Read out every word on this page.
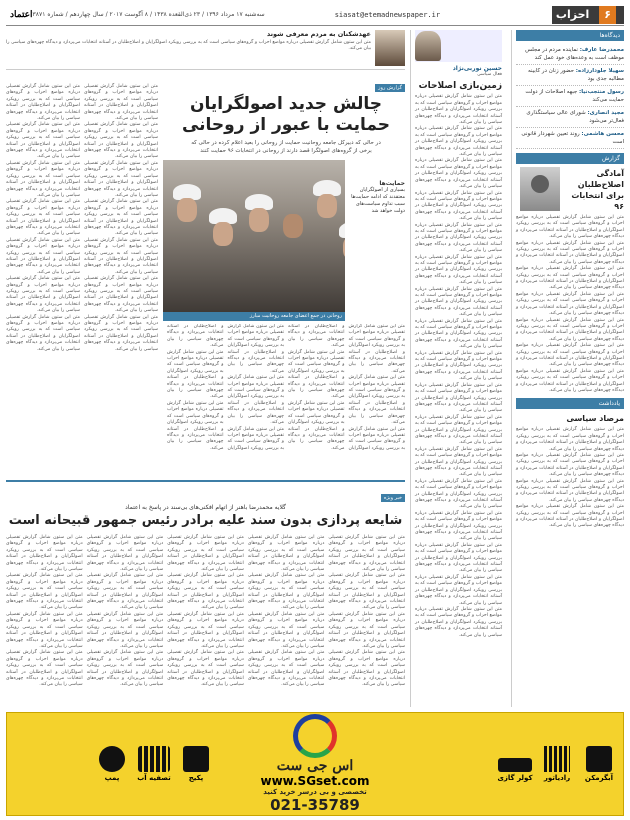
۶
احزاب
siasat@etemadnewspaper.ir
سه‌شنبه ۱۷ مرداد ۱۳۹۶ / ۲۳ ذی‌القعده ۱۴۳۸ / ۸ آگوست ۲۰۱۷ / سال چهاردهم / شماره ۳۸۷۱
اعتماد
دیدگاه‌ها
محمدرضا عارف: نماینده مردم در مجلس موظف است به وعده‌های خود عمل کند
سهیلا جلودارزاده: حضور زنان در کابینه مطالبه جدی بود
رسول منتجب‌نیا: جبهه اصلاحات از دولت حمایت می‌کند
مجید انصاری: شورای عالی سیاستگذاری فعال‌تر می‌شود
محسن هاشمی: روند تعیین شهردار قانونی است
گزارش
آمادگی اصلاح‌طلبان برای انتخابات ۹۶
متن این ستون شامل گزارش تفصیلی درباره مواضع احزاب و گروه‌های سیاسی است که به بررسی رویکرد اصولگرایان و اصلاح‌طلبان در آستانه انتخابات می‌پردازد و دیدگاه چهره‌های سیاسی را بیان می‌کند.
متن این ستون شامل گزارش تفصیلی درباره مواضع احزاب و گروه‌های سیاسی است که به بررسی رویکرد اصولگرایان و اصلاح‌طلبان در آستانه انتخابات می‌پردازد و دیدگاه چهره‌های سیاسی را بیان می‌کند.
متن این ستون شامل گزارش تفصیلی درباره مواضع احزاب و گروه‌های سیاسی است که به بررسی رویکرد اصولگرایان و اصلاح‌طلبان در آستانه انتخابات می‌پردازد و دیدگاه چهره‌های سیاسی را بیان می‌کند.
متن این ستون شامل گزارش تفصیلی درباره مواضع احزاب و گروه‌های سیاسی است که به بررسی رویکرد اصولگرایان و اصلاح‌طلبان در آستانه انتخابات می‌پردازد و دیدگاه چهره‌های سیاسی را بیان می‌کند.
متن این ستون شامل گزارش تفصیلی درباره مواضع احزاب و گروه‌های سیاسی است که به بررسی رویکرد اصولگرایان و اصلاح‌طلبان در آستانه انتخابات می‌پردازد و دیدگاه چهره‌های سیاسی را بیان می‌کند.
متن این ستون شامل گزارش تفصیلی درباره مواضع احزاب و گروه‌های سیاسی است که به بررسی رویکرد اصولگرایان و اصلاح‌طلبان در آستانه انتخابات می‌پردازد و دیدگاه چهره‌های سیاسی را بیان می‌کند.
متن این ستون شامل گزارش تفصیلی درباره مواضع احزاب و گروه‌های سیاسی است که به بررسی رویکرد اصولگرایان و اصلاح‌طلبان در آستانه انتخابات می‌پردازد و دیدگاه چهره‌های سیاسی را بیان می‌کند.
یادداشت
مرصاد سیاسی
متن این ستون شامل گزارش تفصیلی درباره مواضع احزاب و گروه‌های سیاسی است که به بررسی رویکرد اصولگرایان و اصلاح‌طلبان در آستانه انتخابات می‌پردازد و دیدگاه چهره‌های سیاسی را بیان می‌کند.
متن این ستون شامل گزارش تفصیلی درباره مواضع احزاب و گروه‌های سیاسی است که به بررسی رویکرد اصولگرایان و اصلاح‌طلبان در آستانه انتخابات می‌پردازد و دیدگاه چهره‌های سیاسی را بیان می‌کند.
متن این ستون شامل گزارش تفصیلی درباره مواضع احزاب و گروه‌های سیاسی است که به بررسی رویکرد اصولگرایان و اصلاح‌طلبان در آستانه انتخابات می‌پردازد و دیدگاه چهره‌های سیاسی را بیان می‌کند.
متن این ستون شامل گزارش تفصیلی درباره مواضع احزاب و گروه‌های سیاسی است که به بررسی رویکرد اصولگرایان و اصلاح‌طلبان در آستانه انتخابات می‌پردازد و دیدگاه چهره‌های سیاسی را بیان می‌کند.
حسین نوربی‌نژاد
فعال سیاسی
زمین‌بازی اصلاحات
متن این ستون شامل گزارش تفصیلی درباره مواضع احزاب و گروه‌های سیاسی است که به بررسی رویکرد اصولگرایان و اصلاح‌طلبان در آستانه انتخابات می‌پردازد و دیدگاه چهره‌های سیاسی را بیان می‌کند.
متن این ستون شامل گزارش تفصیلی درباره مواضع احزاب و گروه‌های سیاسی است که به بررسی رویکرد اصولگرایان و اصلاح‌طلبان در آستانه انتخابات می‌پردازد و دیدگاه چهره‌های سیاسی را بیان می‌کند.
متن این ستون شامل گزارش تفصیلی درباره مواضع احزاب و گروه‌های سیاسی است که به بررسی رویکرد اصولگرایان و اصلاح‌طلبان در آستانه انتخابات می‌پردازد و دیدگاه چهره‌های سیاسی را بیان می‌کند.
متن این ستون شامل گزارش تفصیلی درباره مواضع احزاب و گروه‌های سیاسی است که به بررسی رویکرد اصولگرایان و اصلاح‌طلبان در آستانه انتخابات می‌پردازد و دیدگاه چهره‌های سیاسی را بیان می‌کند.
متن این ستون شامل گزارش تفصیلی درباره مواضع احزاب و گروه‌های سیاسی است که به بررسی رویکرد اصولگرایان و اصلاح‌طلبان در آستانه انتخابات می‌پردازد و دیدگاه چهره‌های سیاسی را بیان می‌کند.
متن این ستون شامل گزارش تفصیلی درباره مواضع احزاب و گروه‌های سیاسی است که به بررسی رویکرد اصولگرایان و اصلاح‌طلبان در آستانه انتخابات می‌پردازد و دیدگاه چهره‌های سیاسی را بیان می‌کند.
متن این ستون شامل گزارش تفصیلی درباره مواضع احزاب و گروه‌های سیاسی است که به بررسی رویکرد اصولگرایان و اصلاح‌طلبان در آستانه انتخابات می‌پردازد و دیدگاه چهره‌های سیاسی را بیان می‌کند.
متن این ستون شامل گزارش تفصیلی درباره مواضع احزاب و گروه‌های سیاسی است که به بررسی رویکرد اصولگرایان و اصلاح‌طلبان در آستانه انتخابات می‌پردازد و دیدگاه چهره‌های سیاسی را بیان می‌کند.
متن این ستون شامل گزارش تفصیلی درباره مواضع احزاب و گروه‌های سیاسی است که به بررسی رویکرد اصولگرایان و اصلاح‌طلبان در آستانه انتخابات می‌پردازد و دیدگاه چهره‌های سیاسی را بیان می‌کند.
متن این ستون شامل گزارش تفصیلی درباره مواضع احزاب و گروه‌های سیاسی است که به بررسی رویکرد اصولگرایان و اصلاح‌طلبان در آستانه انتخابات می‌پردازد و دیدگاه چهره‌های سیاسی را بیان می‌کند.
متن این ستون شامل گزارش تفصیلی درباره مواضع احزاب و گروه‌های سیاسی است که به بررسی رویکرد اصولگرایان و اصلاح‌طلبان در آستانه انتخابات می‌پردازد و دیدگاه چهره‌های سیاسی را بیان می‌کند.
متن این ستون شامل گزارش تفصیلی درباره مواضع احزاب و گروه‌های سیاسی است که به بررسی رویکرد اصولگرایان و اصلاح‌طلبان در آستانه انتخابات می‌پردازد و دیدگاه چهره‌های سیاسی را بیان می‌کند.
متن این ستون شامل گزارش تفصیلی درباره مواضع احزاب و گروه‌های سیاسی است که به بررسی رویکرد اصولگرایان و اصلاح‌طلبان در آستانه انتخابات می‌پردازد و دیدگاه چهره‌های سیاسی را بیان می‌کند.
متن این ستون شامل گزارش تفصیلی درباره مواضع احزاب و گروه‌های سیاسی است که به بررسی رویکرد اصولگرایان و اصلاح‌طلبان در آستانه انتخابات می‌پردازد و دیدگاه چهره‌های سیاسی را بیان می‌کند.
متن این ستون شامل گزارش تفصیلی درباره مواضع احزاب و گروه‌های سیاسی است که به بررسی رویکرد اصولگرایان و اصلاح‌طلبان در آستانه انتخابات می‌پردازد و دیدگاه چهره‌های سیاسی را بیان می‌کند.
متن این ستون شامل گزارش تفصیلی درباره مواضع احزاب و گروه‌های سیاسی است که به بررسی رویکرد اصولگرایان و اصلاح‌طلبان در آستانه انتخابات می‌پردازد و دیدگاه چهره‌های سیاسی را بیان می‌کند.
متن این ستون شامل گزارش تفصیلی درباره مواضع احزاب و گروه‌های سیاسی است که به بررسی رویکرد اصولگرایان و اصلاح‌طلبان در آستانه انتخابات می‌پردازد و دیدگاه چهره‌های سیاسی را بیان می‌کند.
عهدشکنان به مردم معرفی شوند
متن این ستون شامل گزارش تفصیلی درباره مواضع احزاب و گروه‌های سیاسی است که به بررسی رویکرد اصولگرایان و اصلاح‌طلبان در آستانه انتخابات می‌پردازد و دیدگاه چهره‌های سیاسی را بیان می‌کند.
گزارش روز
چالش جدید اصولگرایان
حمایت با عبور از روحانی
در حالی که دبیرکل جامعه روحانیت حمایت از روحانی را بعید اعلام کرده در حالی که برخی از گروه‌های اصولگرا قصد دارند از روحانی در انتخابات ۹۶ حمایت کنند
متن این ستون شامل گزارش تفصیلی درباره مواضع احزاب و گروه‌های سیاسی است که به بررسی رویکرد اصولگرایان و اصلاح‌طلبان در آستانه انتخابات می‌پردازد و دیدگاه چهره‌های سیاسی را بیان می‌کند.
متن این ستون شامل گزارش تفصیلی درباره مواضع احزاب و گروه‌های سیاسی است که به بررسی رویکرد اصولگرایان و اصلاح‌طلبان در آستانه انتخابات می‌پردازد و دیدگاه چهره‌های سیاسی را بیان می‌کند.
متن این ستون شامل گزارش تفصیلی درباره مواضع احزاب و گروه‌های سیاسی است که به بررسی رویکرد اصولگرایان و اصلاح‌طلبان در آستانه انتخابات می‌پردازد و دیدگاه چهره‌های سیاسی را بیان می‌کند.
متن این ستون شامل گزارش تفصیلی درباره مواضع احزاب و گروه‌های سیاسی است که به بررسی رویکرد اصولگرایان و اصلاح‌طلبان در آستانه انتخابات می‌پردازد و دیدگاه چهره‌های سیاسی را بیان می‌کند.
متن این ستون شامل گزارش تفصیلی درباره مواضع احزاب و گروه‌های سیاسی است که به بررسی رویکرد اصولگرایان و اصلاح‌طلبان در آستانه انتخابات می‌پردازد و دیدگاه چهره‌های سیاسی را بیان می‌کند.
متن این ستون شامل گزارش تفصیلی درباره مواضع احزاب و گروه‌های سیاسی است که به بررسی رویکرد اصولگرایان و اصلاح‌طلبان در آستانه انتخابات می‌پردازد و دیدگاه چهره‌های سیاسی را بیان می‌کند.
متن این ستون شامل گزارش تفصیلی درباره مواضع احزاب و گروه‌های سیاسی است که به بررسی رویکرد اصولگرایان و اصلاح‌طلبان در آستانه انتخابات می‌پردازد و دیدگاه چهره‌های سیاسی را بیان می‌کند.
متن این ستون شامل گزارش تفصیلی درباره مواضع احزاب و گروه‌های سیاسی است که به بررسی رویکرد اصولگرایان و اصلاح‌طلبان در آستانه انتخابات می‌پردازد و دیدگاه چهره‌های سیاسی را بیان می‌کند.
متن این ستون شامل گزارش تفصیلی درباره مواضع احزاب و گروه‌های سیاسی است که به بررسی رویکرد اصولگرایان و اصلاح‌طلبان در آستانه انتخابات می‌پردازد و دیدگاه چهره‌های سیاسی را بیان می‌کند.
متن این ستون شامل گزارش تفصیلی درباره مواضع احزاب و گروه‌های سیاسی است که به بررسی رویکرد اصولگرایان و اصلاح‌طلبان در آستانه انتخابات می‌پردازد و دیدگاه چهره‌های سیاسی را بیان می‌کند.
متن این ستون شامل گزارش تفصیلی درباره مواضع احزاب و گروه‌های سیاسی است که به بررسی رویکرد اصولگرایان و اصلاح‌طلبان در آستانه انتخابات می‌پردازد و دیدگاه چهره‌های سیاسی را بیان می‌کند.
متن این ستون شامل گزارش تفصیلی درباره مواضع احزاب و گروه‌های سیاسی است که به بررسی رویکرد اصولگرایان و اصلاح‌طلبان در آستانه انتخابات می‌پردازد و دیدگاه چهره‌های سیاسی را بیان می‌کند.
متن این ستون شامل گزارش تفصیلی درباره مواضع احزاب و گروه‌های سیاسی است که به بررسی رویکرد اصولگرایان و اصلاح‌طلبان در آستانه انتخابات می‌پردازد و دیدگاه چهره‌های سیاسی را بیان می‌کند.
متن این ستون شامل گزارش تفصیلی درباره مواضع احزاب و گروه‌های سیاسی است که به بررسی رویکرد اصولگرایان و اصلاح‌طلبان در آستانه انتخابات می‌پردازد و دیدگاه چهره‌های سیاسی را بیان می‌کند.
حمایت‌ها
بسیاری از اصولگرایان معتقدند که ادامه حمایت‌ها سبب تداوم سیاست‌های دولت خواهد شد
روحانی در جمع اعضای جامعه روحانیت مبارز
متن این ستون شامل گزارش تفصیلی درباره مواضع احزاب و گروه‌های سیاسی است که به بررسی رویکرد اصولگرایان و اصلاح‌طلبان در آستانه انتخابات می‌پردازد و دیدگاه چهره‌های سیاسی را بیان می‌کند.
متن این ستون شامل گزارش تفصیلی درباره مواضع احزاب و گروه‌های سیاسی است که به بررسی رویکرد اصولگرایان و اصلاح‌طلبان در آستانه انتخابات می‌پردازد و دیدگاه چهره‌های سیاسی را بیان می‌کند.
متن این ستون شامل گزارش تفصیلی درباره مواضع احزاب و گروه‌های سیاسی است که به بررسی رویکرد اصولگرایان و اصلاح‌طلبان در آستانه انتخابات می‌پردازد و دیدگاه چهره‌های سیاسی را بیان می‌کند.
متن این ستون شامل گزارش تفصیلی درباره مواضع احزاب و گروه‌های سیاسی است که به بررسی رویکرد اصولگرایان و اصلاح‌طلبان در آستانه انتخابات می‌پردازد و دیدگاه چهره‌های سیاسی را بیان می‌کند.
متن این ستون شامل گزارش تفصیلی درباره مواضع احزاب و گروه‌های سیاسی است که به بررسی رویکرد اصولگرایان و اصلاح‌طلبان در آستانه انتخابات می‌پردازد و دیدگاه چهره‌های سیاسی را بیان می‌کند.
متن این ستون شامل گزارش تفصیلی درباره مواضع احزاب و گروه‌های سیاسی است که به بررسی رویکرد اصولگرایان و اصلاح‌طلبان در آستانه انتخابات می‌پردازد و دیدگاه چهره‌های سیاسی را بیان می‌کند.
متن این ستون شامل گزارش تفصیلی درباره مواضع احزاب و گروه‌های سیاسی است که به بررسی رویکرد اصولگرایان و اصلاح‌طلبان در آستانه انتخابات می‌پردازد و دیدگاه چهره‌های سیاسی را بیان می‌کند.
متن این ستون شامل گزارش تفصیلی درباره مواضع احزاب و گروه‌های سیاسی است که به بررسی رویکرد اصولگرایان و اصلاح‌طلبان در آستانه انتخابات می‌پردازد و دیدگاه چهره‌های سیاسی را بیان می‌کند.
متن این ستون شامل گزارش تفصیلی درباره مواضع احزاب و گروه‌های سیاسی است که به بررسی رویکرد اصولگرایان و اصلاح‌طلبان در آستانه انتخابات می‌پردازد و دیدگاه چهره‌های سیاسی را بیان می‌کند.
متن این ستون شامل گزارش تفصیلی درباره مواضع احزاب و گروه‌های سیاسی است که به بررسی رویکرد اصولگرایان و اصلاح‌طلبان در آستانه انتخابات می‌پردازد و دیدگاه چهره‌های سیاسی را بیان می‌کند.
خبر ویژه
گلایه محمدرضا باهنر از اتهام افکنی‌های بی‌سند در پاسخ به اعتماد
شایعه پردازی بدون سند علیه برادر رئیس جمهور قبیحانه است
متن این ستون شامل گزارش تفصیلی درباره مواضع احزاب و گروه‌های سیاسی است که به بررسی رویکرد اصولگرایان و اصلاح‌طلبان در آستانه انتخابات می‌پردازد و دیدگاه چهره‌های سیاسی را بیان می‌کند.
متن این ستون شامل گزارش تفصیلی درباره مواضع احزاب و گروه‌های سیاسی است که به بررسی رویکرد اصولگرایان و اصلاح‌طلبان در آستانه انتخابات می‌پردازد و دیدگاه چهره‌های سیاسی را بیان می‌کند.
متن این ستون شامل گزارش تفصیلی درباره مواضع احزاب و گروه‌های سیاسی است که به بررسی رویکرد اصولگرایان و اصلاح‌طلبان در آستانه انتخابات می‌پردازد و دیدگاه چهره‌های سیاسی را بیان می‌کند.
متن این ستون شامل گزارش تفصیلی درباره مواضع احزاب و گروه‌های سیاسی است که به بررسی رویکرد اصولگرایان و اصلاح‌طلبان در آستانه انتخابات می‌پردازد و دیدگاه چهره‌های سیاسی را بیان می‌کند.
متن این ستون شامل گزارش تفصیلی درباره مواضع احزاب و گروه‌های سیاسی است که به بررسی رویکرد اصولگرایان و اصلاح‌طلبان در آستانه انتخابات می‌پردازد و دیدگاه چهره‌های سیاسی را بیان می‌کند.
متن این ستون شامل گزارش تفصیلی درباره مواضع احزاب و گروه‌های سیاسی است که به بررسی رویکرد اصولگرایان و اصلاح‌طلبان در آستانه انتخابات می‌پردازد و دیدگاه چهره‌های سیاسی را بیان می‌کند.
متن این ستون شامل گزارش تفصیلی درباره مواضع احزاب و گروه‌های سیاسی است که به بررسی رویکرد اصولگرایان و اصلاح‌طلبان در آستانه انتخابات می‌پردازد و دیدگاه چهره‌های سیاسی را بیان می‌کند.
متن این ستون شامل گزارش تفصیلی درباره مواضع احزاب و گروه‌های سیاسی است که به بررسی رویکرد اصولگرایان و اصلاح‌طلبان در آستانه انتخابات می‌پردازد و دیدگاه چهره‌های سیاسی را بیان می‌کند.
متن این ستون شامل گزارش تفصیلی درباره مواضع احزاب و گروه‌های سیاسی است که به بررسی رویکرد اصولگرایان و اصلاح‌طلبان در آستانه انتخابات می‌پردازد و دیدگاه چهره‌های سیاسی را بیان می‌کند.
متن این ستون شامل گزارش تفصیلی درباره مواضع احزاب و گروه‌های سیاسی است که به بررسی رویکرد اصولگرایان و اصلاح‌طلبان در آستانه انتخابات می‌پردازد و دیدگاه چهره‌های سیاسی را بیان می‌کند.
متن این ستون شامل گزارش تفصیلی درباره مواضع احزاب و گروه‌های سیاسی است که به بررسی رویکرد اصولگرایان و اصلاح‌طلبان در آستانه انتخابات می‌پردازد و دیدگاه چهره‌های سیاسی را بیان می‌کند.
متن این ستون شامل گزارش تفصیلی درباره مواضع احزاب و گروه‌های سیاسی است که به بررسی رویکرد اصولگرایان و اصلاح‌طلبان در آستانه انتخابات می‌پردازد و دیدگاه چهره‌های سیاسی را بیان می‌کند.
متن این ستون شامل گزارش تفصیلی درباره مواضع احزاب و گروه‌های سیاسی است که به بررسی رویکرد اصولگرایان و اصلاح‌طلبان در آستانه انتخابات می‌پردازد و دیدگاه چهره‌های سیاسی را بیان می‌کند.
متن این ستون شامل گزارش تفصیلی درباره مواضع احزاب و گروه‌های سیاسی است که به بررسی رویکرد اصولگرایان و اصلاح‌طلبان در آستانه انتخابات می‌پردازد و دیدگاه چهره‌های سیاسی را بیان می‌کند.
متن این ستون شامل گزارش تفصیلی درباره مواضع احزاب و گروه‌های سیاسی است که به بررسی رویکرد اصولگرایان و اصلاح‌طلبان در آستانه انتخابات می‌پردازد و دیدگاه چهره‌های سیاسی را بیان می‌کند.
متن این ستون شامل گزارش تفصیلی درباره مواضع احزاب و گروه‌های سیاسی است که به بررسی رویکرد اصولگرایان و اصلاح‌طلبان در آستانه انتخابات می‌پردازد و دیدگاه چهره‌های سیاسی را بیان می‌کند.
متن این ستون شامل گزارش تفصیلی درباره مواضع احزاب و گروه‌های سیاسی است که به بررسی رویکرد اصولگرایان و اصلاح‌طلبان در آستانه انتخابات می‌پردازد و دیدگاه چهره‌های سیاسی را بیان می‌کند.
متن این ستون شامل گزارش تفصیلی درباره مواضع احزاب و گروه‌های سیاسی است که به بررسی رویکرد اصولگرایان و اصلاح‌طلبان در آستانه انتخابات می‌پردازد و دیدگاه چهره‌های سیاسی را بیان می‌کند.
متن این ستون شامل گزارش تفصیلی درباره مواضع احزاب و گروه‌های سیاسی است که به بررسی رویکرد اصولگرایان و اصلاح‌طلبان در آستانه انتخابات می‌پردازد و دیدگاه چهره‌های سیاسی را بیان می‌کند.
متن این ستون شامل گزارش تفصیلی درباره مواضع احزاب و گروه‌های سیاسی است که به بررسی رویکرد اصولگرایان و اصلاح‌طلبان در آستانه انتخابات می‌پردازد و دیدگاه چهره‌های سیاسی را بیان می‌کند.
آبگرمکن
رادیاتور
کولر گازی
اس جی ست
www.SGset.com
تخصصی و بی درسر خرید کنید
021-35789
پکیج
تصفیه آب
پمپ
